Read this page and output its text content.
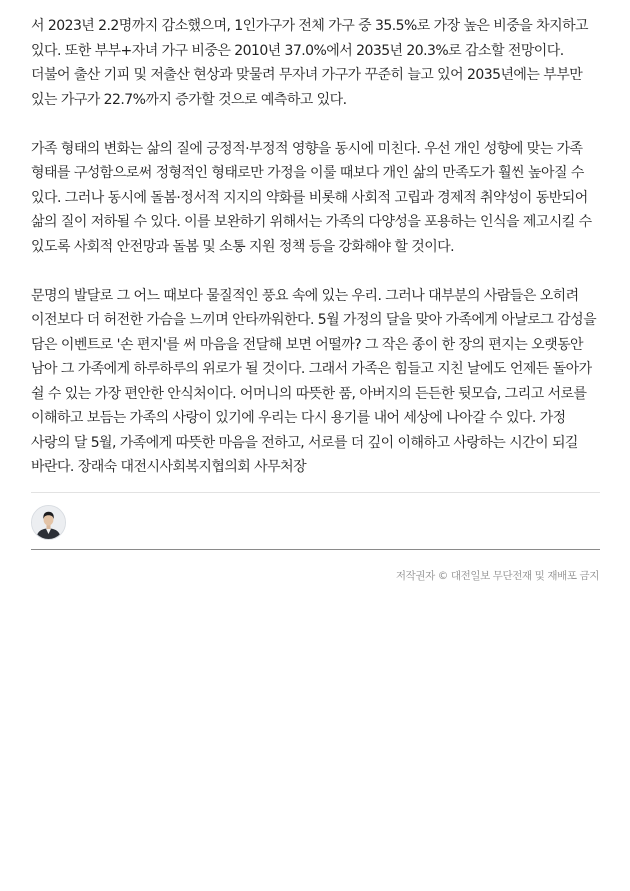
서 2023년 2.2명까지 감소했으며, 1인가구가 전체 가구 중 35.5%로 가장 높은 비중을 차지하고 있다. 또한 부부+자녀 가구 비중은 2010년 37.0%에서 2035년 20.3%로 감소할 전망이다. 더불어 출산 기피 및 저출산 현상과 맞물려 무자녀 가구가 꾸준히 늘고 있어 2035년에는 부부만 있는 가구가 22.7%까지 증가할 것으로 예측하고 있다.

가족 형태의 변화는 삶의 질에 긍정적·부정적 영향을 동시에 미친다. 우선 개인 성향에 맞는 가족 형태를 구성함으로써 정형적인 형태로만 가정을 이룰 때보다 개인 삶의 만족도가 훨씬 높아질 수 있다. 그러나 동시에 돌봄·정서적 지지의 약화를 비롯해 사회적 고립과 경제적 취약성이 동반되어 삶의 질이 저하될 수 있다. 이를 보완하기 위해서는 가족의 다양성을 포용하는 인식을 제고시킬 수 있도록 사회적 안전망과 돌봄 및 소통 지원 정책 등을 강화해야 할 것이다.

문명의 발달로 그 어느 때보다 물질적인 풍요 속에 있는 우리. 그러나 대부분의 사람들은 오히려 이전보다 더 허전한 가슴을 느끼며 안타까워한다. 5월 가정의 달을 맞아 가족에게 아날로그 감성을 담은 이벤트로 '손 편지'를 써 마음을 전달해 보면 어떨까? 그 작은 종이 한 장의 편지는 오랫동안 남아 그 가족에게 하루하루의 위로가 될 것이다. 그래서 가족은 힘들고 지친 날에도 언제든 돌아가 쉴 수 있는 가장 편안한 안식처이다. 어머니의 따뜻한 품, 아버지의 든든한 뒷모습, 그리고 서로를 이해하고 보듬는 가족의 사랑이 있기에 우리는 다시 용기를 내어 세상에 나아갈 수 있다. 가정 사랑의 달 5월, 가족에게 따뜻한 마음을 전하고, 서로를 더 깊이 이해하고 사랑하는 시간이 되길 바란다. 장래숙 대전시사회복지협의회 사무처장

저작권자 © 대전일보 무단전재 및 재배포 금지
